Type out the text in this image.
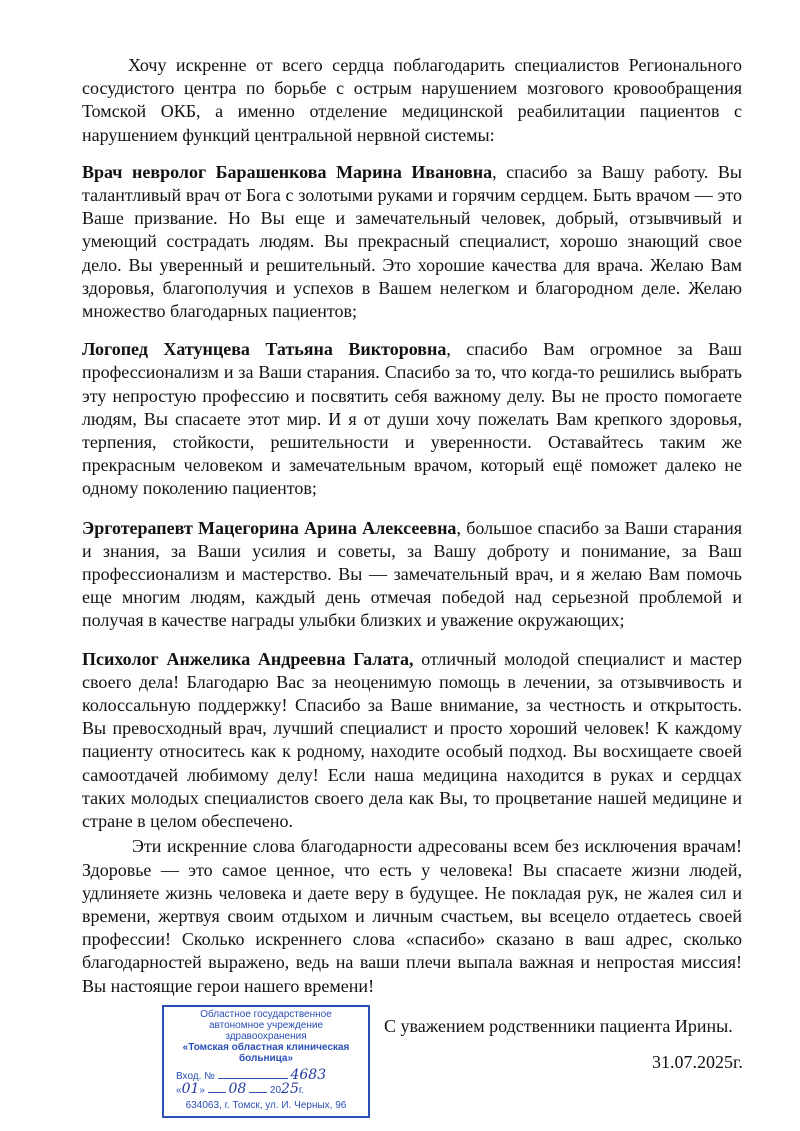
Хочу искренне от всего сердца поблагодарить специалистов Регионального сосудистого центра по борьбе с острым нарушением мозгового кровообращения Томской ОКБ, а именно отделение медицинской реабилитации пациентов с нарушением функций центральной нервной системы:

Врач невролог Барашенкова Марина Ивановна, спасибо за Вашу работу. Вы талантливый врач от Бога с золотыми руками и горячим сердцем. Быть врачом — это Ваше призвание. Но Вы еще и замечательный человек, добрый, отзывчивый и умеющий сострадать людям. Вы прекрасный специалист, хорошо знающий свое дело. Вы уверенный и решительный. Это хорошие качества для врача. Желаю Вам здоровья, благополучия и успехов в Вашем нелегком и благородном деле. Желаю множество благодарных пациентов;

Логопед Хатунцева Татьяна Викторовна, спасибо Вам огромное за Ваш профессионализм и за Ваши старания. Спасибо за то, что когда-то решились выбрать эту непростую профессию и посвятить себя важному делу. Вы не просто помогаете людям, Вы спасаете этот мир. И я от души хочу пожелать Вам крепкого здоровья, терпения, стойкости, решительности и уверенности. Оставайтесь таким же прекрасным человеком и замечательным врачом, который ещё поможет далеко не одному поколению пациентов;

Эрготерапевт Мацегорина Арина Алексеевна, большое спасибо за Ваши старания и знания, за Ваши усилия и советы, за Вашу доброту и понимание, за Ваш профессионализм и мастерство. Вы — замечательный врач, и я желаю Вам помочь еще многим людям, каждый день отмечая победой над серьезной проблемой и получая в качестве награды улыбки близких и уважение окружающих;

Психолог Анжелика Андреевна Галата, отличный молодой специалист и мастер своего дела! Благодарю Вас за неоценимую помощь в лечении, за отзывчивость и колоссальную поддержку! Спасибо за Ваше внимание, за честность и открытость. Вы превосходный врач, лучший специалист и просто хороший человек! К каждому пациенту относитесь как к родному, находите особый подход. Вы восхищаете своей самоотдачей любимому делу! Если наша медицина находится в руках и сердцах таких молодых специалистов своего дела как Вы, то процветание нашей медицине и стране в целом обеспечено.

Эти искренние слова благодарности адресованы всем без исключения врачам! Здоровье — это самое ценное, что есть у человека! Вы спасаете жизни людей, удлиняете жизнь человека и даете веру в будущее. Не покладая рук, не жалея сил и времени, жертвуя своим отдыхом и личным счастьем, вы всецело отдаетесь своей профессии! Сколько искреннего слова «спасибо» сказано в ваш адрес, сколько благодарностей выражено, ведь на ваши плечи выпала важная и непростая миссия! Вы настоящие герои нашего времени!

С уважением родственники пациента Ирины.
31.07.2025г.
Областное государственное
автономное учреждение
здравоохранения
«Томская областная клиническая
больница»
Вход. №	4683
«01»  08 2025г.
634063, г. Томск, ул. И. Черных, 96
